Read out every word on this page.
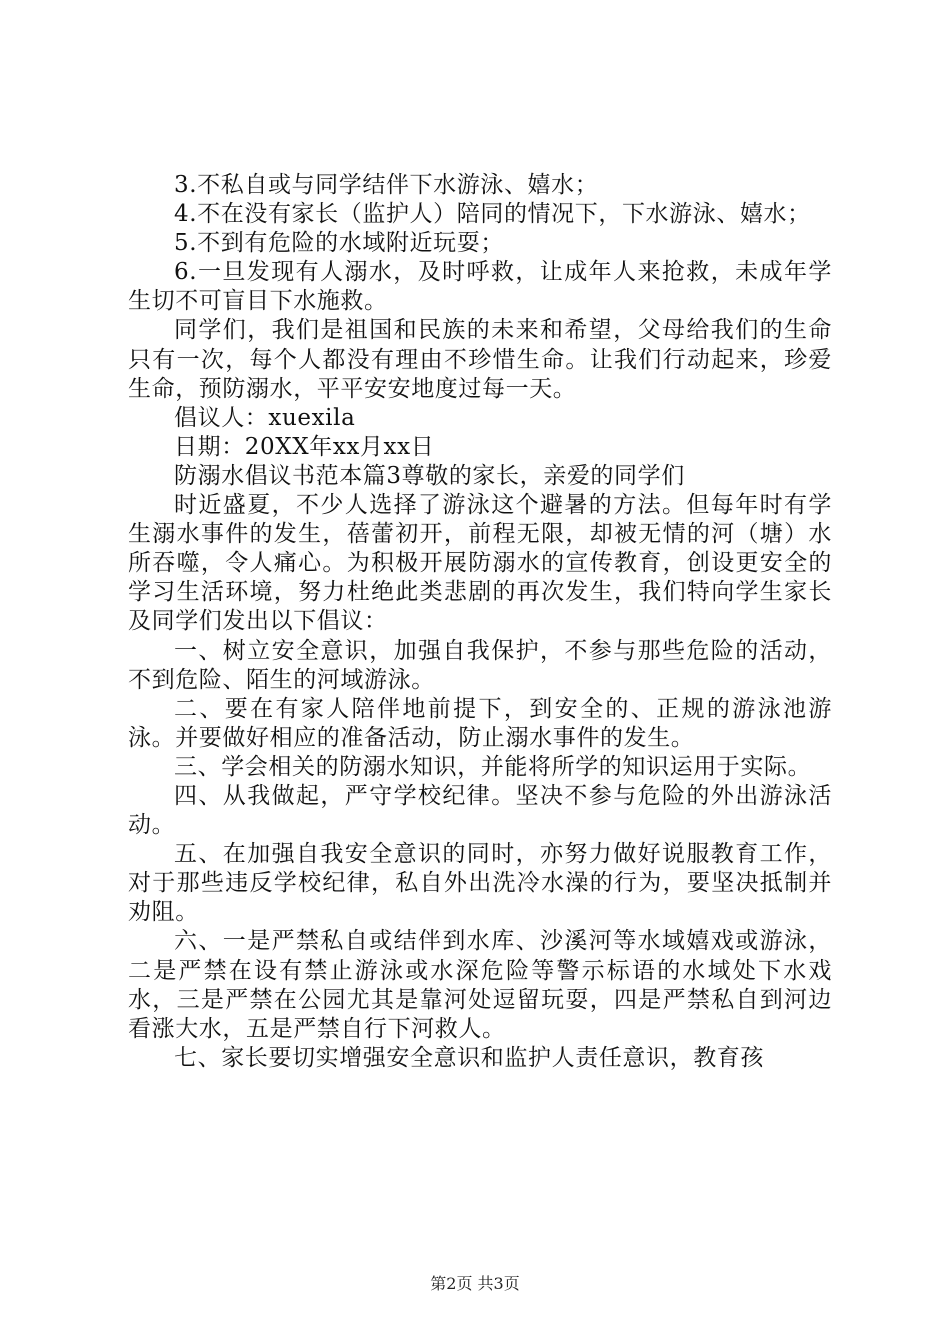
3.不私自或与同学结伴下水游泳、嬉水；

4.不在没有家长（监护人）陪同的情况下，下水游泳、嬉水；

5.不到有危险的水域附近玩耍；

6.一旦发现有人溺水，及时呼救，让成年人来抢救，未成年学生切不可盲目下水施救。

同学们，我们是祖国和民族的未来和希望，父母给我们的生命只有一次，每个人都没有理由不珍惜生命。让我们行动起来，珍爱生命，预防溺水，平平安安地度过每一天。

倡议人：xuexila

日期：20XX年xx月xx日

防溺水倡议书范本篇3尊敬的家长，亲爱的同学们

时近盛夏，不少人选择了游泳这个避暑的方法。但每年时有学生溺水事件的发生，蓓蕾初开，前程无限，却被无情的河（塘）水所吞噬，令人痛心。为积极开展防溺水的宣传教育，创设更安全的学习生活环境，努力杜绝此类悲剧的再次发生，我们特向学生家长及同学们发出以下倡议：

一、树立安全意识，加强自我保护，不参与那些危险的活动，不到危险、陌生的河域游泳。

二、要在有家人陪伴地前提下，到安全的、正规的游泳池游泳。并要做好相应的准备活动，防止溺水事件的发生。

三、学会相关的防溺水知识，并能将所学的知识运用于实际。

四、从我做起，严守学校纪律。坚决不参与危险的外出游泳活动。

五、在加强自我安全意识的同时，亦努力做好说服教育工作，对于那些违反学校纪律，私自外出洗冷水澡的行为，要坚决抵制并劝阻。

六、一是严禁私自或结伴到水库、沙溪河等水域嬉戏或游泳，二是严禁在设有禁止游泳或水深危险等警示标语的水域处下水戏水，三是严禁在公园尤其是靠河处逗留玩耍，四是严禁私自到河边看涨大水，五是严禁自行下河救人。

七、家长要切实增强安全意识和监护人责任意识，教育孩

第2页 共3页
